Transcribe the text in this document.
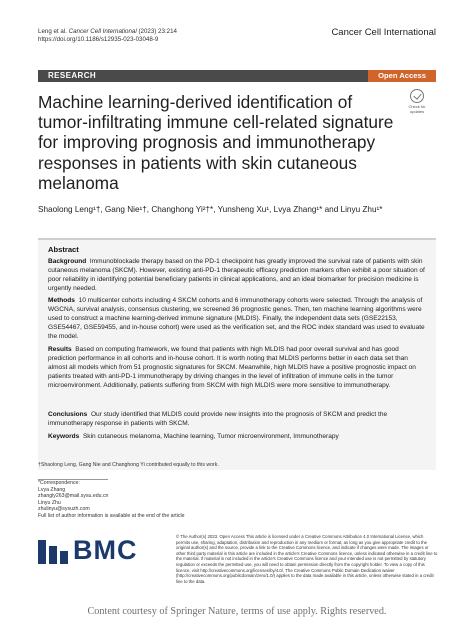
Leng et al. Cancer Cell International (2023) 23:214
https://doi.org/10.1186/s12935-023-03048-9
Cancer Cell International
RESEARCH	Open Access
Machine learning-derived identification of tumor-infiltrating immune cell-related signature for improving prognosis and immunotherapy responses in patients with skin cutaneous melanoma
Check for updates
Shaolong Leng¹†, Gang Nie¹†, Changhong Yi²†*, Yunsheng Xu¹, Lvya Zhang¹* and Linyu Zhu¹*
Abstract
Background Immunoblockade therapy based on the PD-1 checkpoint has greatly improved the survival rate of patients with skin cutaneous melanoma (SKCM). However, existing anti-PD-1 therapeutic efficacy prediction markers often exhibit a poor situation of poor reliability in identifying potential beneficiary patients in clinical applications, and an ideal biomarker for precision medicine is urgently needed.
Methods 10 multicenter cohorts including 4 SKCM cohorts and 6 immunotherapy cohorts were selected. Through the analysis of WGCNA, survival analysis, consensus clustering, we screened 36 prognostic genes. Then, ten machine learning algorithms were used to construct a machine learning-derived immune signature (MLDIS). Finally, the independent data sets (GSE22153, GSE54467, GSE59455, and in-house cohort) were used as the verification set, and the ROC index standard was used to evaluate the model.
Results Based on computing framework, we found that patients with high MLDIS had poor overall survival and has good prediction performance in all cohorts and in-house cohort. It is worth noting that MLDIS performs better in each data set than almost all models which from 51 prognostic signatures for SKCM. Meanwhile, high MLDIS have a positive prognostic impact on patients treated with anti-PD-1 immunotherapy by driving changes in the level of infiltration of immune cells in the tumor microenvironment. Additionally, patients suffering from SKCM with high MLDIS were more sensitive to immunotherapy.
Conclusions Our study identified that MLDIS could provide new insights into the prognosis of SKCM and predict the immunotherapy response in patients with SKCM.
Keywords Skin cutaneous melanoma, Machine learning, Tumor microenvironment, Immunotherapy
†Shaolong Leng, Gang Nie and Changhong Yi contributed equally to this work.
*Correspondence:
Lvya Zhang
zhangly263@mail.sysu.edu.cn
Linyu Zhu
zhulinyu@sysuzh.com
Full list of author information is available at the end of the article
BMC	© The Author(s) 2023. Open Access This article is licensed under a Creative Commons Attribution 4.0 International License, which permits use, sharing, adaptation, distribution and reproduction in any medium or format, as long as you give appropriate credit to the original author(s) and the source, provide a link to the Creative Commons licence, and indicate if changes were made. The images or other third party material in this article are included in the article's Creative Commons licence, unless indicated otherwise in a credit line to the material. If material is not included in the article's Creative Commons licence and your intended use is not permitted by statutory regulation or exceeds the permitted use, you will need to obtain permission directly from the copyright holder. To view a copy of this licence, visit http://creativecommons.org/licenses/by/4.0/. The Creative Commons Public Domain Dedication waiver (http://creativecommons.org/publicdomain/zero/1.0/) applies to the data made available in this article, unless otherwise stated in a credit line to the data.
Content courtesy of Springer Nature, terms of use apply. Rights reserved.
